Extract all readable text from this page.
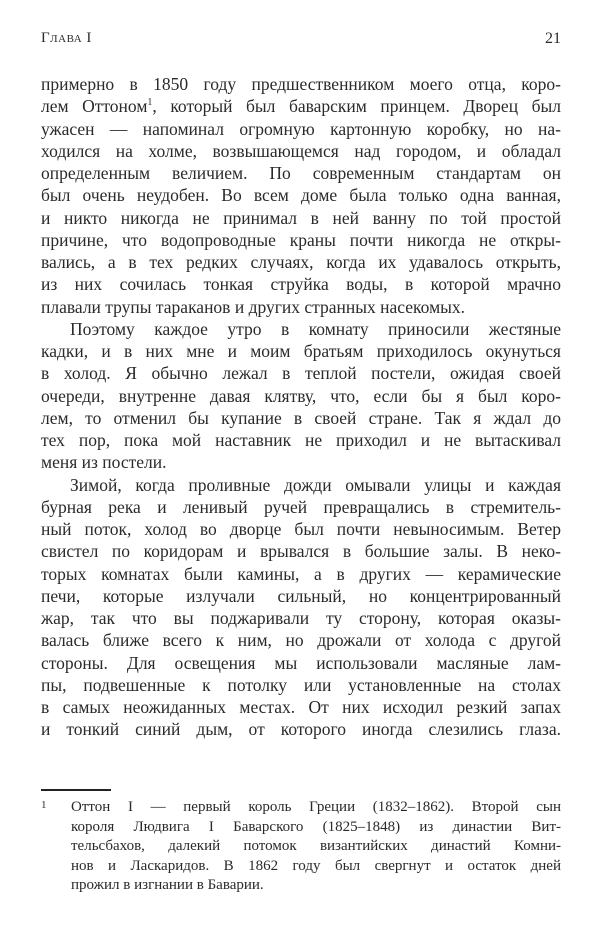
Глава I	21
примерно в 1850 году предшественником моего отца, коро-
лем Оттоном$^1$, который был баварским принцем. Дворец был
ужасен — напоминал огромную картонную коробку, но на-
ходился на холме, возвышающемся над городом, и обладал
определенным величием. По современным стандартам он
был очень неудобен. Во всем доме была только одна ванная,
и никто никогда не принимал в ней ванну по той простой
причине, что водопроводные краны почти никогда не откры-
вались, а в тех редких случаях, когда их удавалось открыть,
из них сочилась тонкая струйка воды, в которой мрачно
плавали трупы тараканов и других странных насекомых.
Поэтому каждое утро в комнату приносили жестяные
кадки, и в них мне и моим братьям приходилось окунуться
в холод. Я обычно лежал в теплой постели, ожидая своей
очереди, внутренне давая клятву, что, если бы я был коро-
лем, то отменил бы купание в своей стране. Так я ждал до
тех пор, пока мой наставник не приходил и не вытаскивал
меня из постели.
Зимой, когда проливные дожди омывали улицы и каждая
бурная река и ленивый ручей превращались в стремитель-
ный поток, холод во дворце был почти невыносимым. Ветер
свистел по коридорам и врывался в большие залы. В неко-
торых комнатах были камины, а в других — керамические
печи, которые излучали сильный, но концентрированный
жар, так что вы поджаривали ту сторону, которая оказы-
валась ближе всего к ним, но дрожали от холода с другой
стороны. Для освещения мы использовали масляные лам-
пы, подвешенные к потолку или установленные на столах
в самых неожиданных местах. От них исходил резкий запах
и тонкий синий дым, от которого иногда слезились глаза.
1 Оттон I — первый король Греции (1832–1862). Второй сын
короля Людвига I Баварского (1825–1848) из династии Вит-
тельсбахов, далекий потомок византийских династий Комни-
нов и Ласкаридов. В 1862 году был свергнут и остаток дней
прожил в изгнании в Баварии.
